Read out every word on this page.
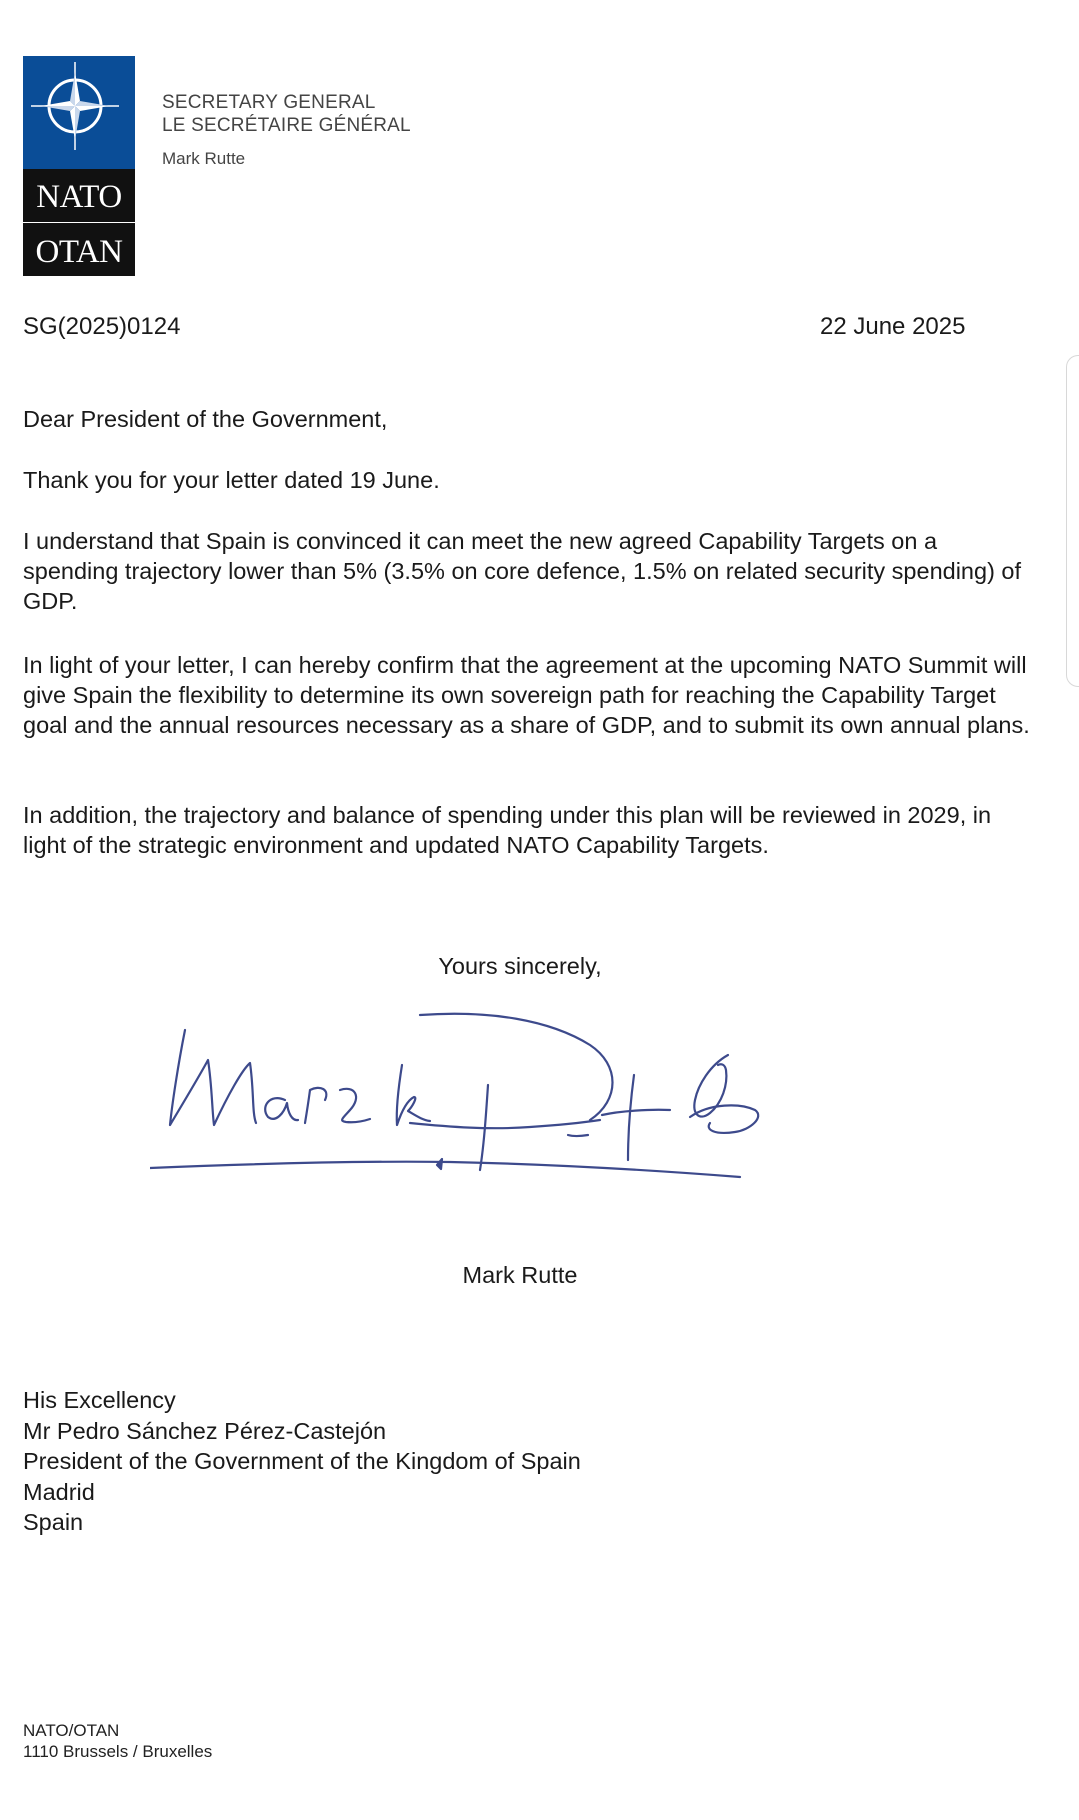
NATO
OTAN
SECRETARY GENERAL
LE SECRÉTAIRE GÉNÉRAL
Mark Rutte
SG(2025)0124	22 June 2025
Dear President of the Government,
Thank you for your letter dated 19 June.
I understand that Spain is convinced it can meet the new agreed Capability Targets on a spending trajectory lower than 5% (3.5% on core defence, 1.5% on related security spending) of GDP.
In light of your letter, I can hereby confirm that the agreement at the upcoming NATO Summit will give Spain the flexibility to determine its own sovereign path for reaching the Capability Target goal and the annual resources necessary as a share of GDP, and to submit its own annual plans.
In addition, the trajectory and balance of spending under this plan will be reviewed in 2029, in light of the strategic environment and updated NATO Capability Targets.
Yours sincerely,
Mark Rutte
His Excellency
Mr Pedro Sánchez Pérez-Castejón
President of the Government of the Kingdom of Spain
Madrid
Spain
NATO/OTAN
1110 Brussels / Bruxelles
